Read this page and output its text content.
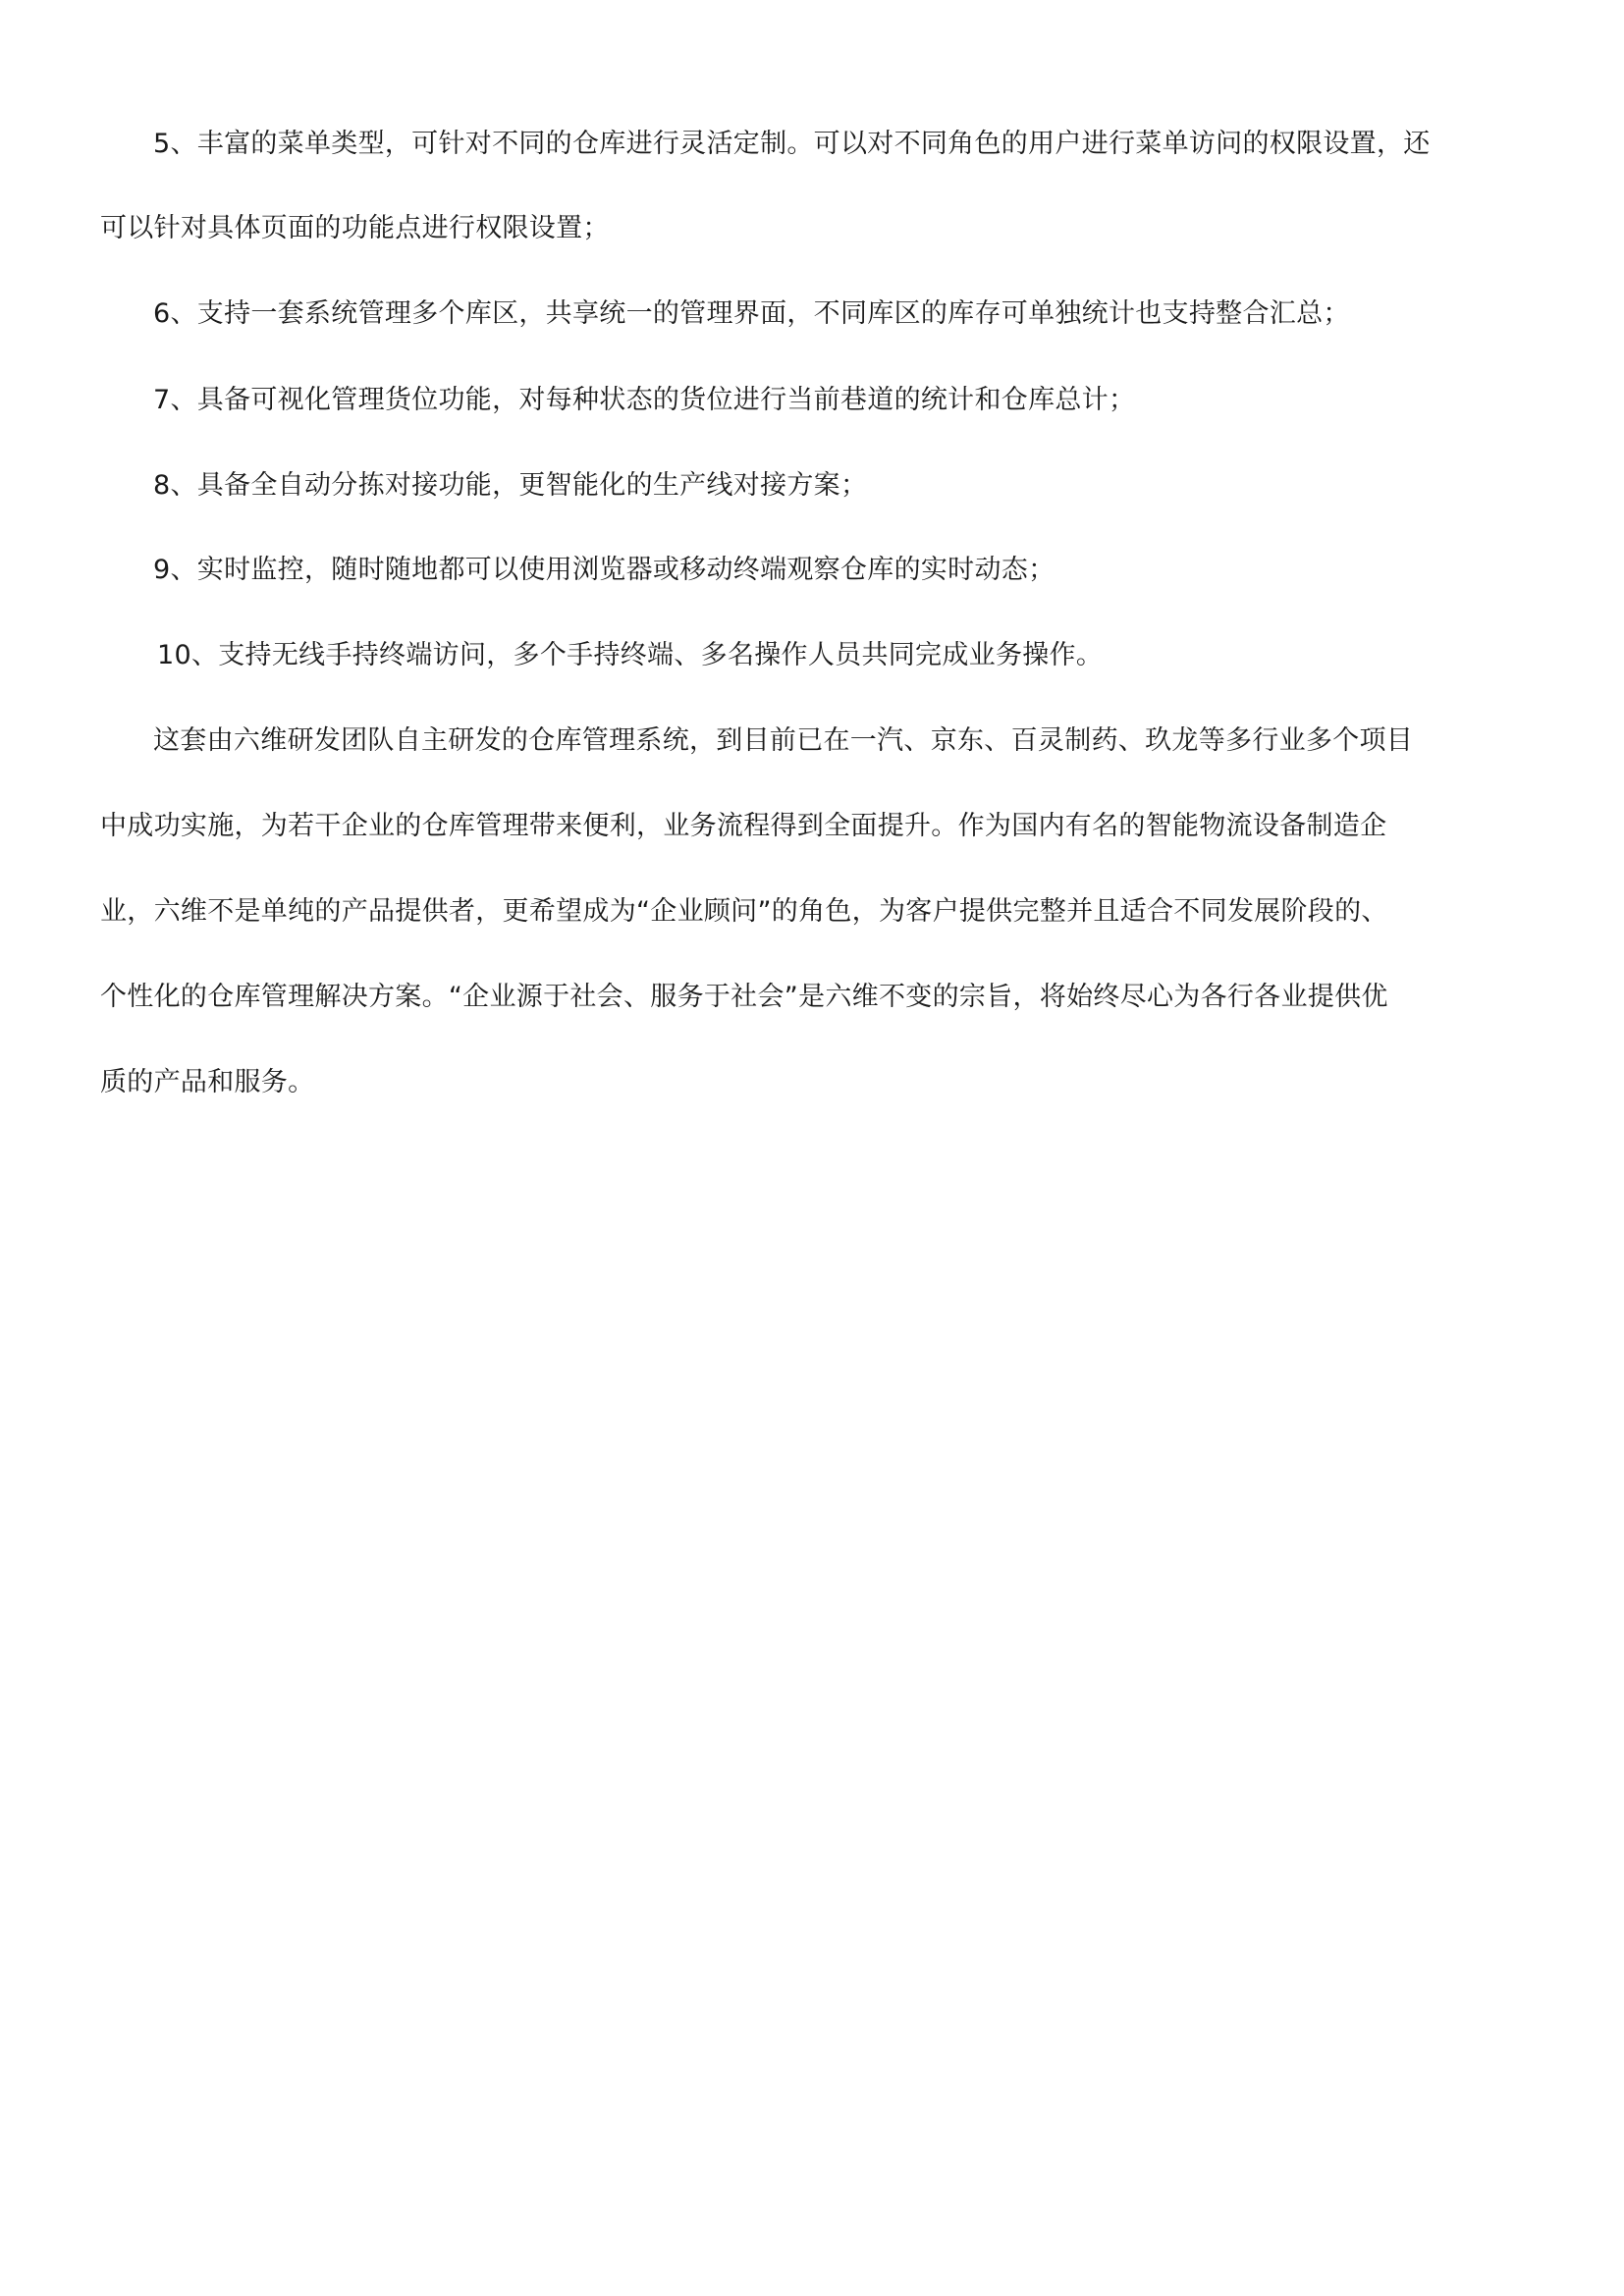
5、丰富的菜单类型，可针对不同的仓库进行灵活定制。可以对不同角色的用户进行菜单访问的权限设置，还

可以针对具体页面的功能点进行权限设置；

6、支持一套系统管理多个库区，共享统一的管理界面，不同库区的库存可单独统计也支持整合汇总；

7、具备可视化管理货位功能，对每种状态的货位进行当前巷道的统计和仓库总计；

8、具备全自动分拣对接功能，更智能化的生产线对接方案；

9、实时监控，随时随地都可以使用浏览器或移动终端观察仓库的实时动态；

10、支持无线手持终端访问，多个手持终端、多名操作人员共同完成业务操作。

这套由六维研发团队自主研发的仓库管理系统，到目前已在一汽、京东、百灵制药、玖龙等多行业多个项目

中成功实施，为若干企业的仓库管理带来便利，业务流程得到全面提升。作为国内有名的智能物流设备制造企

业，六维不是单纯的产品提供者，更希望成为“企业顾问”的角色，为客户提供完整并且适合不同发展阶段的、

个性化的仓库管理解决方案。“企业源于社会、服务于社会”是六维不变的宗旨，将始终尽心为各行各业提供优

质的产品和服务。
